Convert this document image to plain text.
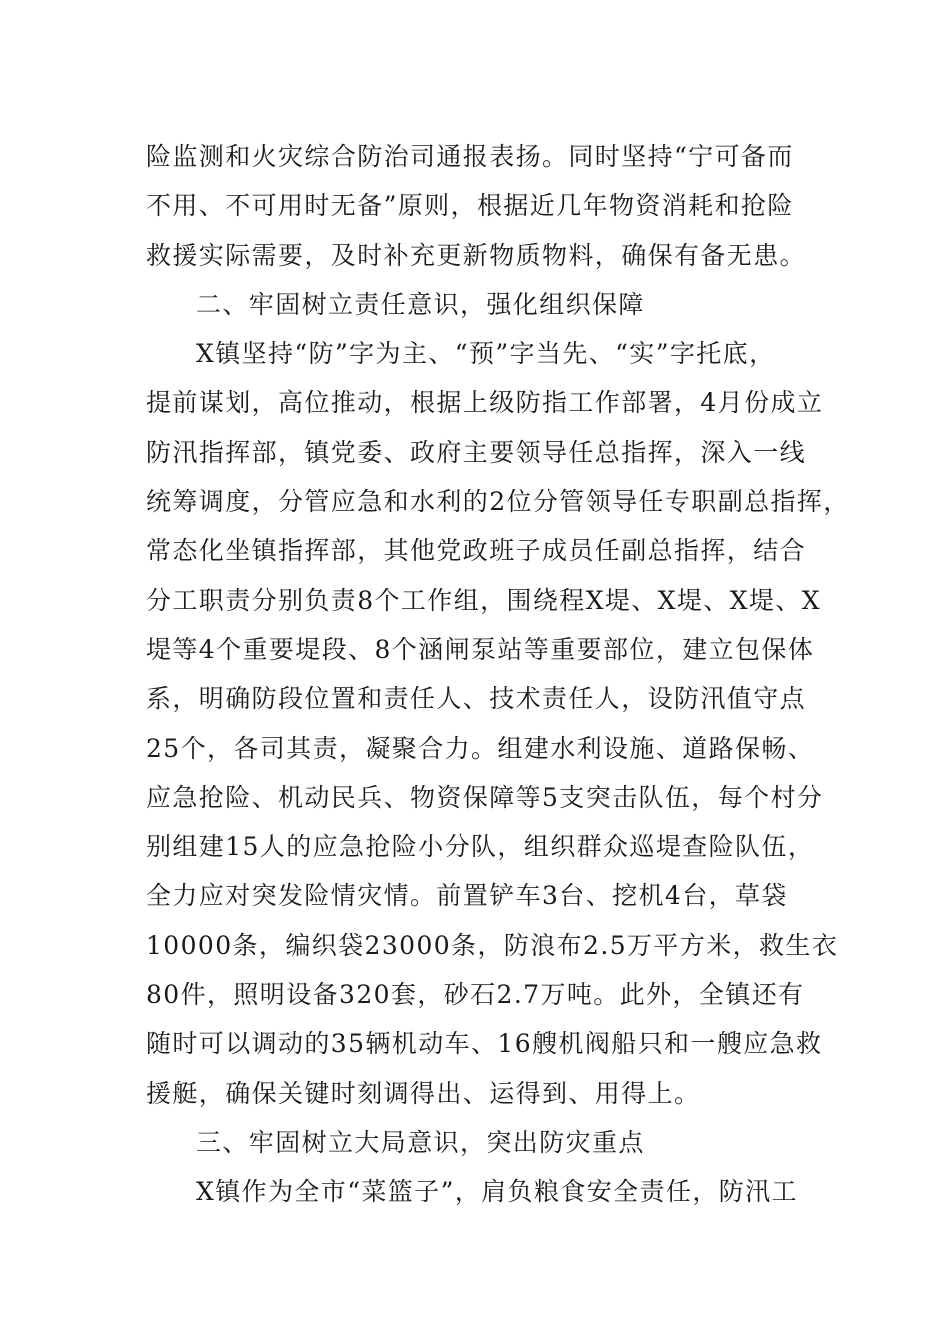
险监测和火灾综合防治司通报表扬。同时坚持“宁可备而
不用、不可用时无备”原则，根据近几年物资消耗和抢险
救援实际需要，及时补充更新物质物料，确保有备无患。
二、牢固树立责任意识，强化组织保障
X镇坚持“防”字为主、“预”字当先、“实”字托底，
提前谋划，高位推动，根据上级防指工作部署，4月份成立
防汛指挥部，镇党委、政府主要领导任总指挥，深入一线
统筹调度，分管应急和水利的2位分管领导任专职副总指挥，
常态化坐镇指挥部，其他党政班子成员任副总指挥，结合
分工职责分别负责8个工作组，围绕程X堤、X堤、X堤、X
堤等4个重要堤段、8个涵闸泵站等重要部位，建立包保体
系，明确防段位置和责任人、技术责任人，设防汛值守点
25个，各司其责，凝聚合力。组建水利设施、道路保畅、
应急抢险、机动民兵、物资保障等5支突击队伍，每个村分
别组建15人的应急抢险小分队，组织群众巡堤查险队伍，
全力应对突发险情灾情。前置铲车3台、挖机4台，草袋
10000条，编织袋23000条，防浪布2.5万平方米，救生衣
80件，照明设备320套，砂石2.7万吨。此外，全镇还有
随时可以调动的35辆机动车、16艘机阀船只和一艘应急救
援艇，确保关键时刻调得出、运得到、用得上。
三、牢固树立大局意识，突出防灾重点
X镇作为全市“菜篮子”，肩负粮食安全责任，防汛工
